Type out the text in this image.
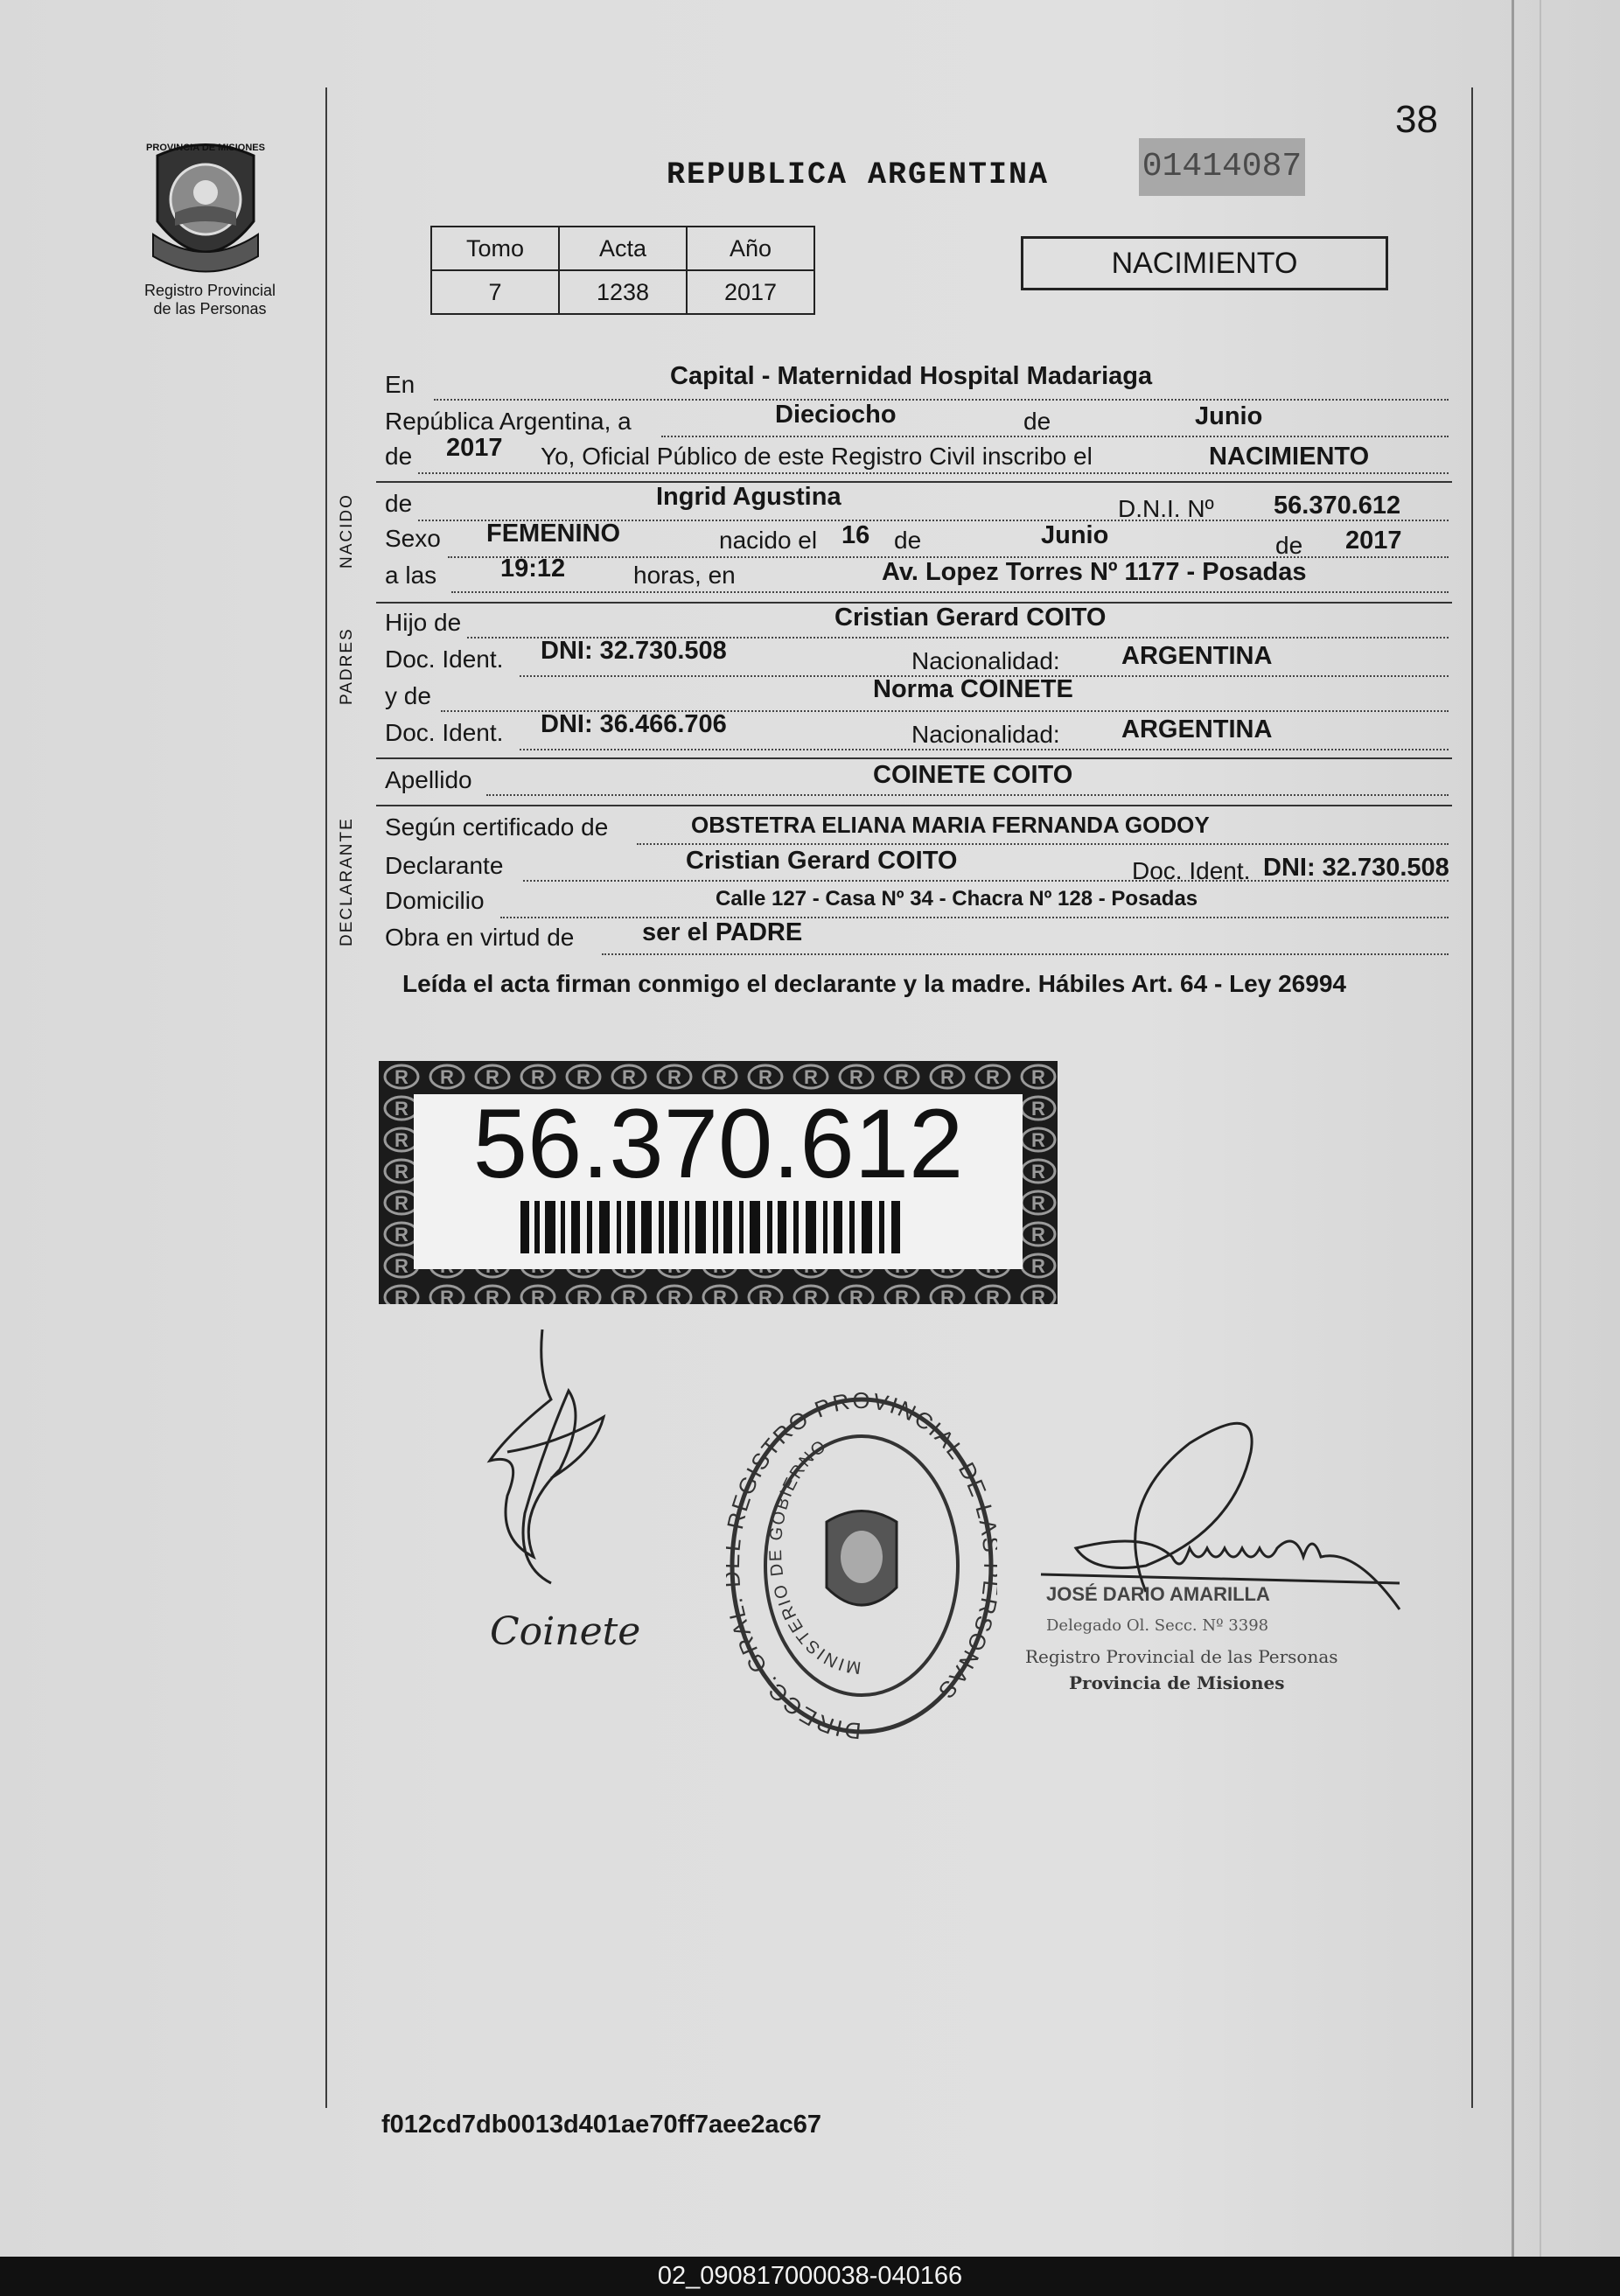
PROVINCIA DE MISIONES
Registro Provincial
de las Personas
38
REPUBLICA ARGENTINA	01414087
Tomo	Acta	Año
7	1238	2017
NACIMIENTO
En	Capital - Maternidad Hospital Madariaga
República Argentina, a	Dieciocho	de	Junio
de 2017 Yo, Oficial Público de este Registro Civil inscribo el	NACIMIENTO
NACIDO de	Ingrid Agustina	D.N.I. Nº 56.370.612
Sexo FEMENINO	nacido el 16 de	Junio	de 2017
a las	19:12	horas, en	Av. Lopez Torres Nº 1177 - Posadas
PADRES
Hijo de	Cristian Gerard COITO
Doc. Ident. DNI: 32.730.508	Nacionalidad: ARGENTINA
y de	Norma COINETE
Doc. Ident. DNI: 36.466.706	Nacionalidad: ARGENTINA
Apellido	COINETE COITO
DECLARANTE Según certificado de	OBSTETRA ELIANA MARIA FERNANDA GODOY
Declarante	Cristian Gerard COITO	Doc. Ident. DNI: 32.730.508
Domicilio	Calle 127 - Casa Nº 34 - Chacra Nº 128 - Posadas
Obra en virtud de	ser el PADRE
Leída el acta firman conmigo el declarante y la madre. Hábiles Art. 64 - Ley 26994
56.370.612
Coinete
DIRECC. GRA EGISTRO PROVINCIAL DE L SONAS
MINISTERIO DE GOBIERNO
JOSÉ DARIO AMARILLA
Delegado Ol. Secc. Nº 3398
Registro Provincial de las Personas
Provincia de Misiones
f012cd7db0013d401ae70ff7aee2ac67
02_090817000038-040166
